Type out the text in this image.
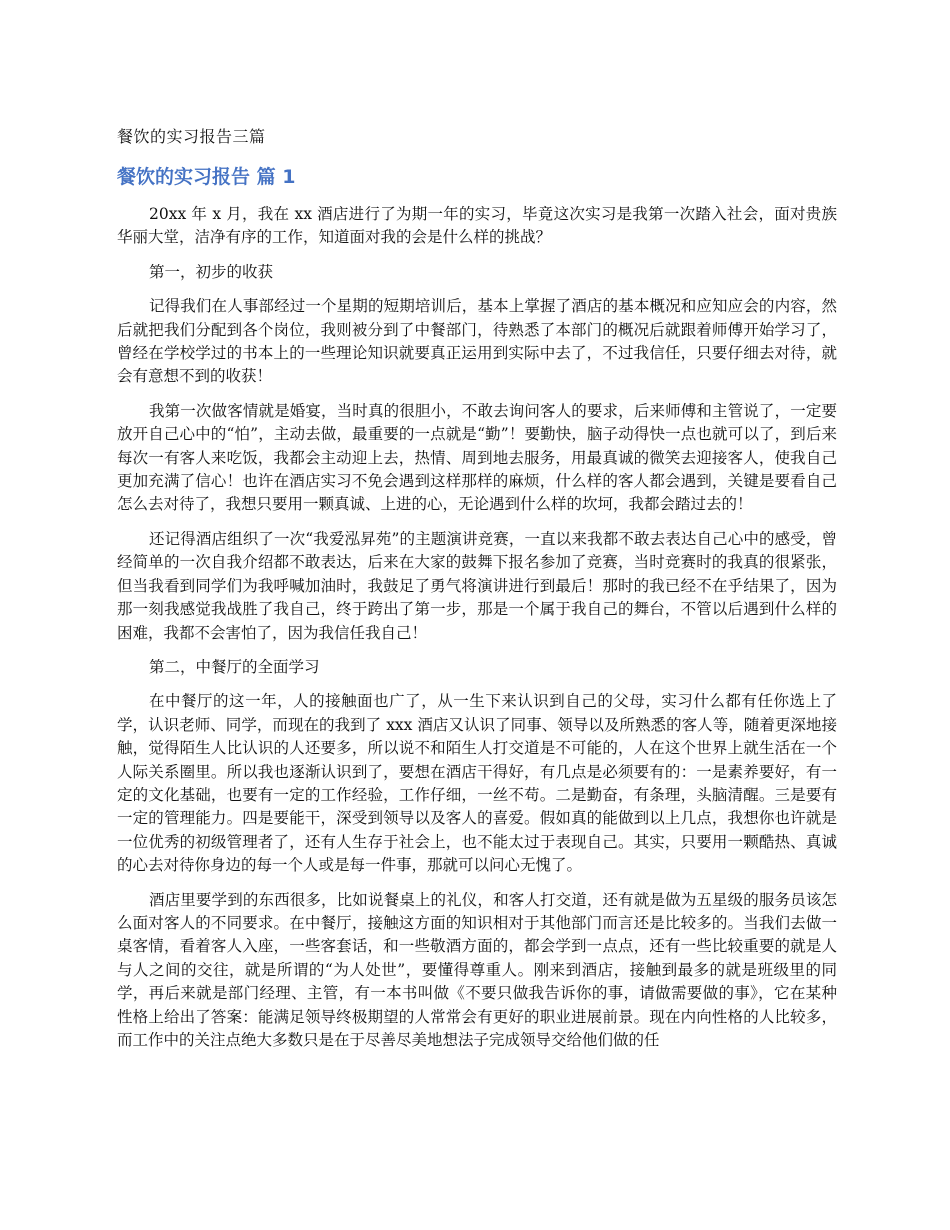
餐饮的实习报告三篇
餐饮的实习报告 篇 1

20xx 年 x 月，我在 xx 酒店进行了为期一年的实习，毕竟这次实习是我第一次踏入社会，面对贵族华丽大堂，洁净有序的工作，知道面对我的会是什么样的挑战？

第一，初步的收获

记得我们在人事部经过一个星期的短期培训后，基本上掌握了酒店的基本概况和应知应会的内容，然后就把我们分配到各个岗位，我则被分到了中餐部门，待熟悉了本部门的概况后就跟着师傅开始学习了，曾经在学校学过的书本上的一些理论知识就要真正运用到实际中去了，不过我信任，只要仔细去对待，就会有意想不到的收获！

我第一次做客情就是婚宴，当时真的很胆小，不敢去询问客人的要求，后来师傅和主管说了，一定要放开自己心中的“怕”，主动去做，最重要的一点就是“勤”！要勤快，脑子动得快一点也就可以了，到后来每次一有客人来吃饭，我都会主动迎上去，热情、周到地去服务，用最真诚的微笑去迎接客人，使我自己更加充满了信心！也许在酒店实习不免会遇到这样那样的麻烦，什么样的客人都会遇到，关键是要看自己怎么去对待了，我想只要用一颗真诚、上进的心，无论遇到什么样的坎坷，我都会踏过去的！

还记得酒店组织了一次“我爱泓昇苑”的主题演讲竞赛，一直以来我都不敢去表达自己心中的感受，曾经简单的一次自我介绍都不敢表达，后来在大家的鼓舞下报名参加了竞赛，当时竞赛时的我真的很紧张，但当我看到同学们为我呼喊加油时，我鼓足了勇气将演讲进行到最后！那时的我已经不在乎结果了，因为那一刻我感觉我战胜了我自己，终于跨出了第一步，那是一个属于我自己的舞台，不管以后遇到什么样的困难，我都不会害怕了，因为我信任我自己！

第二，中餐厅的全面学习

在中餐厅的这一年，人的接触面也广了，从一生下来认识到自己的父母，实习什么都有任你选上了学，认识老师、同学，而现在的我到了 xxx 酒店又认识了同事、领导以及所熟悉的客人等，随着更深地接触，觉得陌生人比认识的人还要多，所以说不和陌生人打交道是不可能的，人在这个世界上就生活在一个人际关系圈里。所以我也逐渐认识到了，要想在酒店干得好，有几点是必须要有的：一是素养要好，有一定的文化基础，也要有一定的工作经验，工作仔细，一丝不苟。二是勤奋，有条理，头脑清醒。三是要有一定的管理能力。四是要能干，深受到领导以及客人的喜爱。假如真的能做到以上几点，我想你也许就是一位优秀的初级管理者了，还有人生存于社会上，也不能太过于表现自己。其实，只要用一颗酷热、真诚的心去对待你身边的每一个人或是每一件事，那就可以问心无愧了。

酒店里要学到的东西很多，比如说餐桌上的礼仪，和客人打交道，还有就是做为五星级的服务员该怎么面对客人的不同要求。在中餐厅，接触这方面的知识相对于其他部门而言还是比较多的。当我们去做一桌客情，看着客人入座，一些客套话，和一些敬酒方面的，都会学到一点点，还有一些比较重要的就是人与人之间的交往，就是所谓的“为人处世”，要懂得尊重人。刚来到酒店，接触到最多的就是班级里的同学，再后来就是部门经理、主管，有一本书叫做《不要只做我告诉你的事，请做需要做的事》，它在某种性格上给出了答案：能满足领导终极期望的人常常会有更好的职业进展前景。现在内向性格的人比较多，而工作中的关注点绝大多数只是在于尽善尽美地想法子完成领导交给他们做的任
